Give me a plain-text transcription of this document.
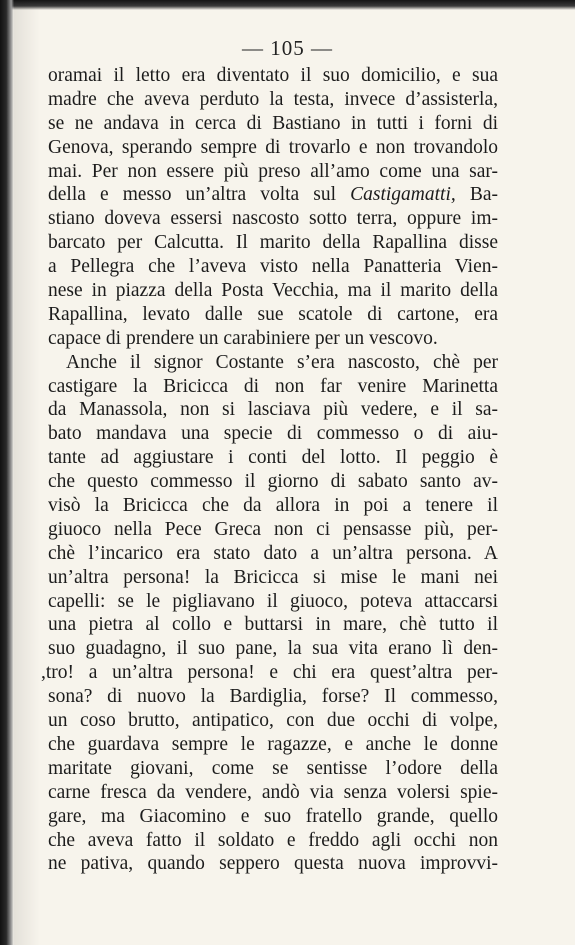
— 105 —
oramai il letto era diventato il suo domicilio, e sua
madre che aveva perduto la testa, invece d’assisterla,
se ne andava in cerca di Bastiano in tutti i forni di
Genova, sperando sempre di trovarlo e non trovandolo
mai. Per non essere più preso all’amo come una sar-
della e messo un’altra volta sul Castigamatti, Ba-
stiano doveva essersi nascosto sotto terra, oppure im-
barcato per Calcutta. Il marito della Rapallina disse
a Pellegra che l’aveva visto nella Panatteria Vien-
nese in piazza della Posta Vecchia, ma il marito della
Rapallina, levato dalle sue scatole di cartone, era
capace di prendere un carabiniere per un vescovo.
Anche il signor Costante s’era nascosto, chè per
castigare la Bricicca di non far venire Marinetta
da Manassola, non si lasciava più vedere, e il sa-
bato mandava una specie di commesso o di aiu-
tante ad aggiustare i conti del lotto. Il peggio è
che questo commesso il giorno di sabato santo av-
visò la Bricicca che da allora in poi a tenere il
giuoco nella Pece Greca non ci pensasse più, per-
chè l’incarico era stato dato a un’altra persona. A
un’altra persona! la Bricicca si mise le mani nei
capelli: se le pigliavano il giuoco, poteva attaccarsi
una pietra al collo e buttarsi in mare, chè tutto il
suo guadagno, il suo pane, la sua vita erano lì den-
,tro! a un’altra persona! e chi era quest’altra per-
sona? di nuovo la Bardiglia, forse? Il commesso,
un coso brutto, antipatico, con due occhi di volpe,
che guardava sempre le ragazze, e anche le donne
maritate giovani, come se sentisse l’odore della
carne fresca da vendere, andò via senza volersi spie-
gare, ma Giacomino e suo fratello grande, quello
che aveva fatto il soldato e freddo agli occhi non
ne pativa, quando seppero questa nuova improvvi-
